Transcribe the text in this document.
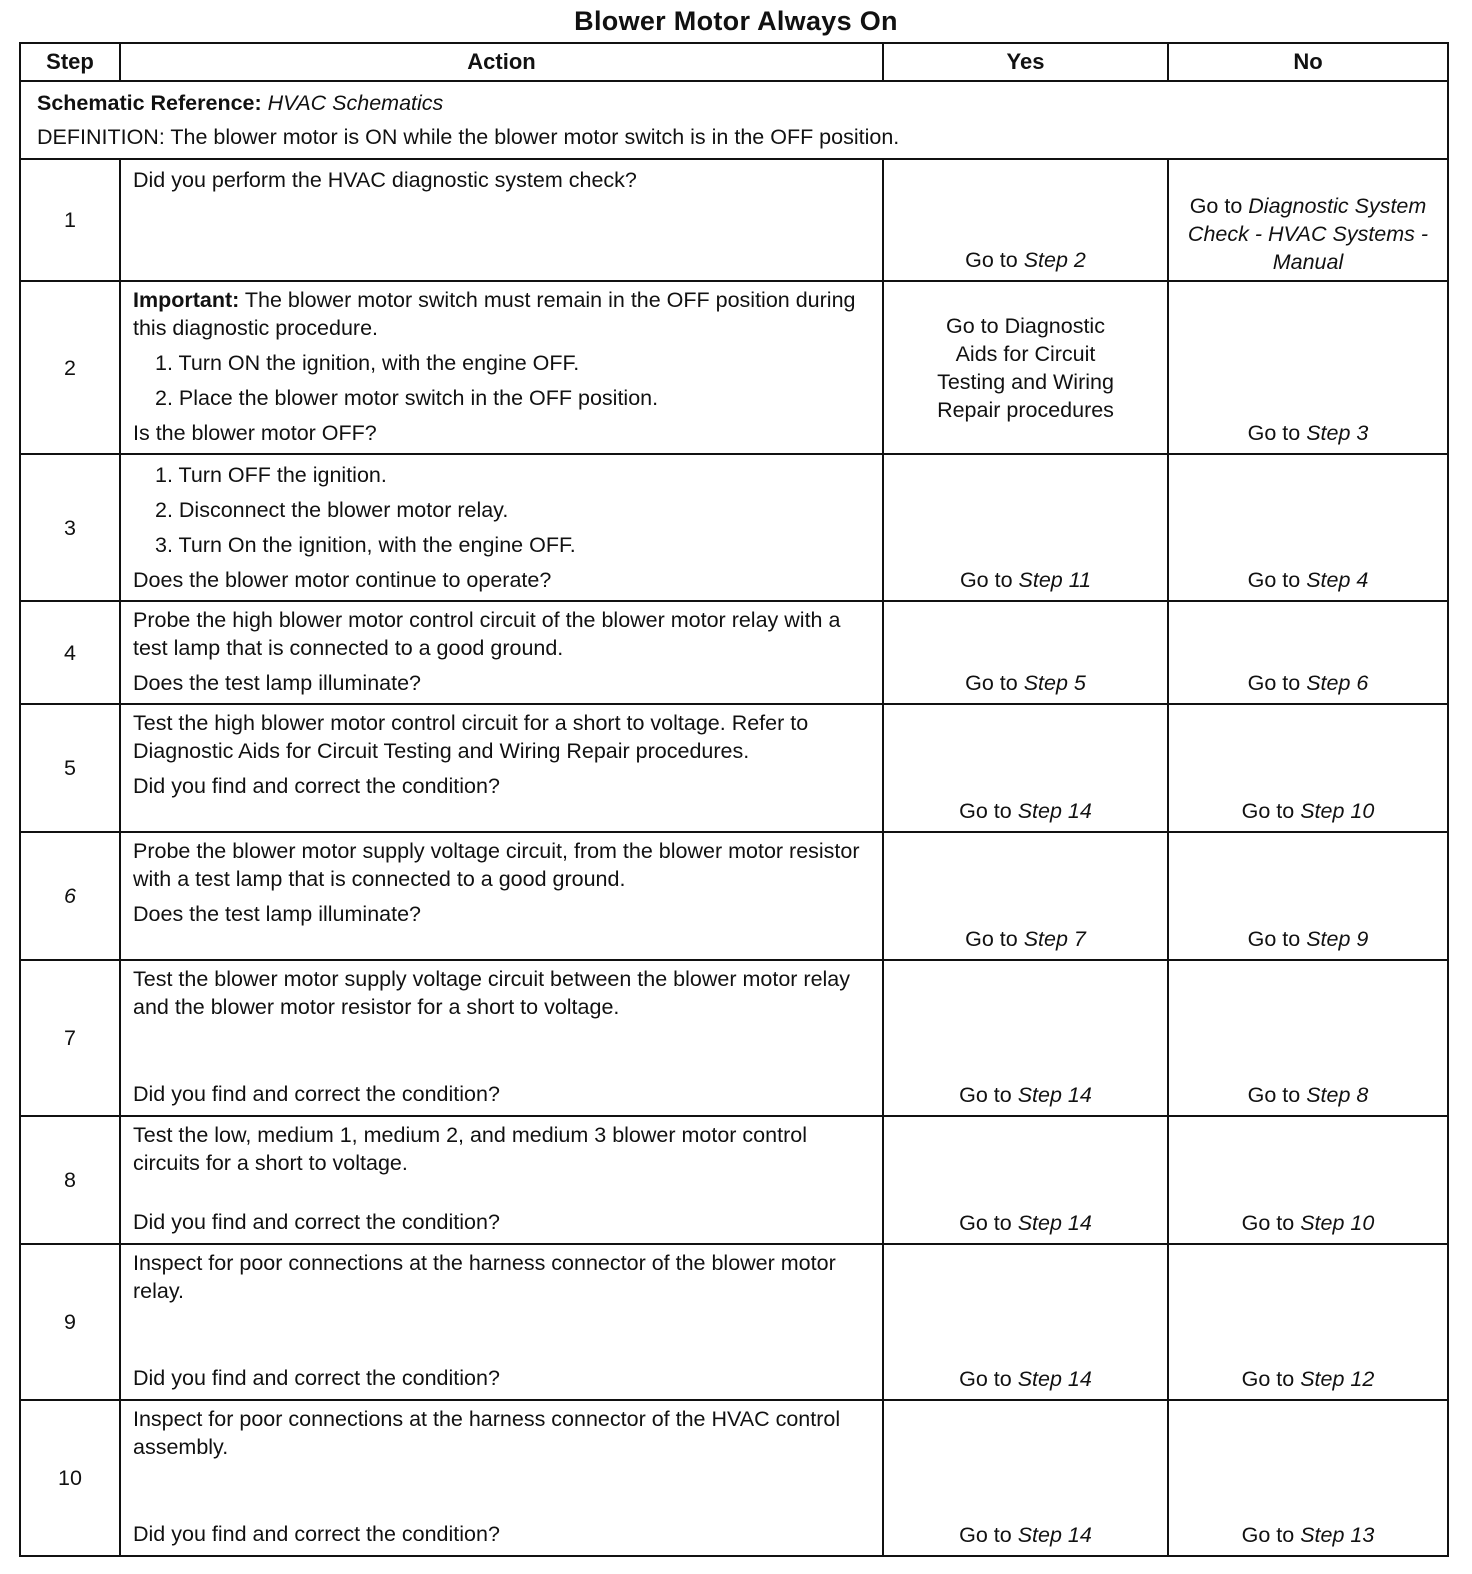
Blower Motor Always On
Step	Action	Yes	No

Schematic Reference: HVAC Schematics
DEFINITION: The blower motor is ON while the blower motor switch is in the OFF position.			

1	Did you perform the HVAC diagnostic system check?	Go to Step 2	Go to Diagnostic System Check - HVAC Systems - Manual
2	Important: The blower motor switch must remain in the OFF position during this diagnostic procedure.
1. Turn ON the ignition, with the engine OFF.
2. Place the blower motor switch in the OFF position.
Is the blower motor OFF?	Go to Diagnostic Aids for Circuit Testing and Wiring Repair procedures	Go to Step 3
3	1. Turn OFF the ignition.
2. Disconnect the blower motor relay.
3. Turn On the ignition, with the engine OFF.
Does the blower motor continue to operate?	Go to Step 11	Go to Step 4
4	Probe the high blower motor control circuit of the blower motor relay with a test lamp that is connected to a good ground.
Does the test lamp illuminate?	Go to Step 5	Go to Step 6
5	Test the high blower motor control circuit for a short to voltage. Refer to Diagnostic Aids for Circuit Testing and Wiring Repair procedures.
Did you find and correct the condition?	Go to Step 14	Go to Step 10
6	Probe the blower motor supply voltage circuit, from the blower motor resistor with a test lamp that is connected to a good ground.
Does the test lamp illuminate?	Go to Step 7	Go to Step 9
7	Test the blower motor supply voltage circuit between the blower motor relay and the blower motor resistor for a short to voltage.
Did you find and correct the condition?	Go to Step 14	Go to Step 8
8	Test the low, medium 1, medium 2, and medium 3 blower motor control circuits for a short to voltage.
Did you find and correct the condition?	Go to Step 14	Go to Step 10
9	Inspect for poor connections at the harness connector of the blower motor relay.
Did you find and correct the condition?	Go to Step 14	Go to Step 12
10	Inspect for poor connections at the harness connector of the HVAC control assembly.
Did you find and correct the condition?	Go to Step 14	Go to Step 13
